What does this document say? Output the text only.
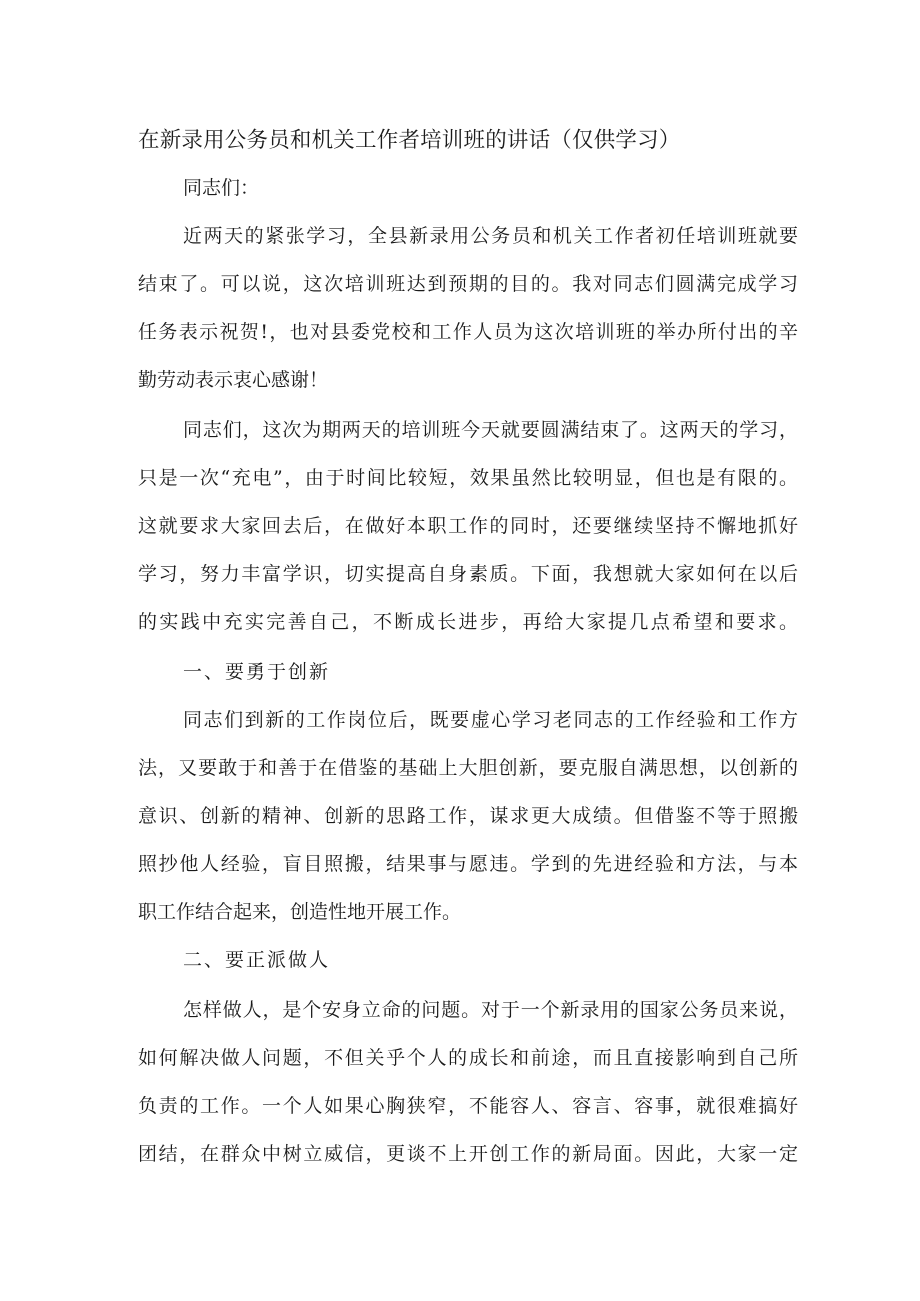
在新录用公务员和机关工作者培训班的讲话（仅供学习）
同志们：
近两天的紧张学习，全县新录用公务员和机关工作者初任培训班就要
结束了。可以说，这次培训班达到预期的目的。我对同志们圆满完成学习
任务表示祝贺!，也对县委党校和工作人员为这次培训班的举办所付出的辛
勤劳动表示衷心感谢！
同志们，这次为期两天的培训班今天就要圆满结束了。这两天的学习，
只是一次“充电”，由于时间比较短，效果虽然比较明显，但也是有限的。
这就要求大家回去后，在做好本职工作的同时，还要继续坚持不懈地抓好
学习，努力丰富学识，切实提高自身素质。下面，我想就大家如何在以后
的实践中充实完善自己，不断成长进步，再给大家提几点希望和要求。
一、要勇于创新
同志们到新的工作岗位后，既要虚心学习老同志的工作经验和工作方
法，又要敢于和善于在借鉴的基础上大胆创新，要克服自满思想，以创新的
意识、创新的精神、创新的思路工作，谋求更大成绩。但借鉴不等于照搬
照抄他人经验，盲目照搬，结果事与愿违。学到的先进经验和方法，与本
职工作结合起来，创造性地开展工作。
二、要正派做人
怎样做人，是个安身立命的问题。对于一个新录用的国家公务员来说，
如何解决做人问题，不但关乎个人的成长和前途，而且直接影响到自己所
负责的工作。一个人如果心胸狭窄，不能容人、容言、容事，就很难搞好
团结，在群众中树立威信，更谈不上开创工作的新局面。因此，大家一定
